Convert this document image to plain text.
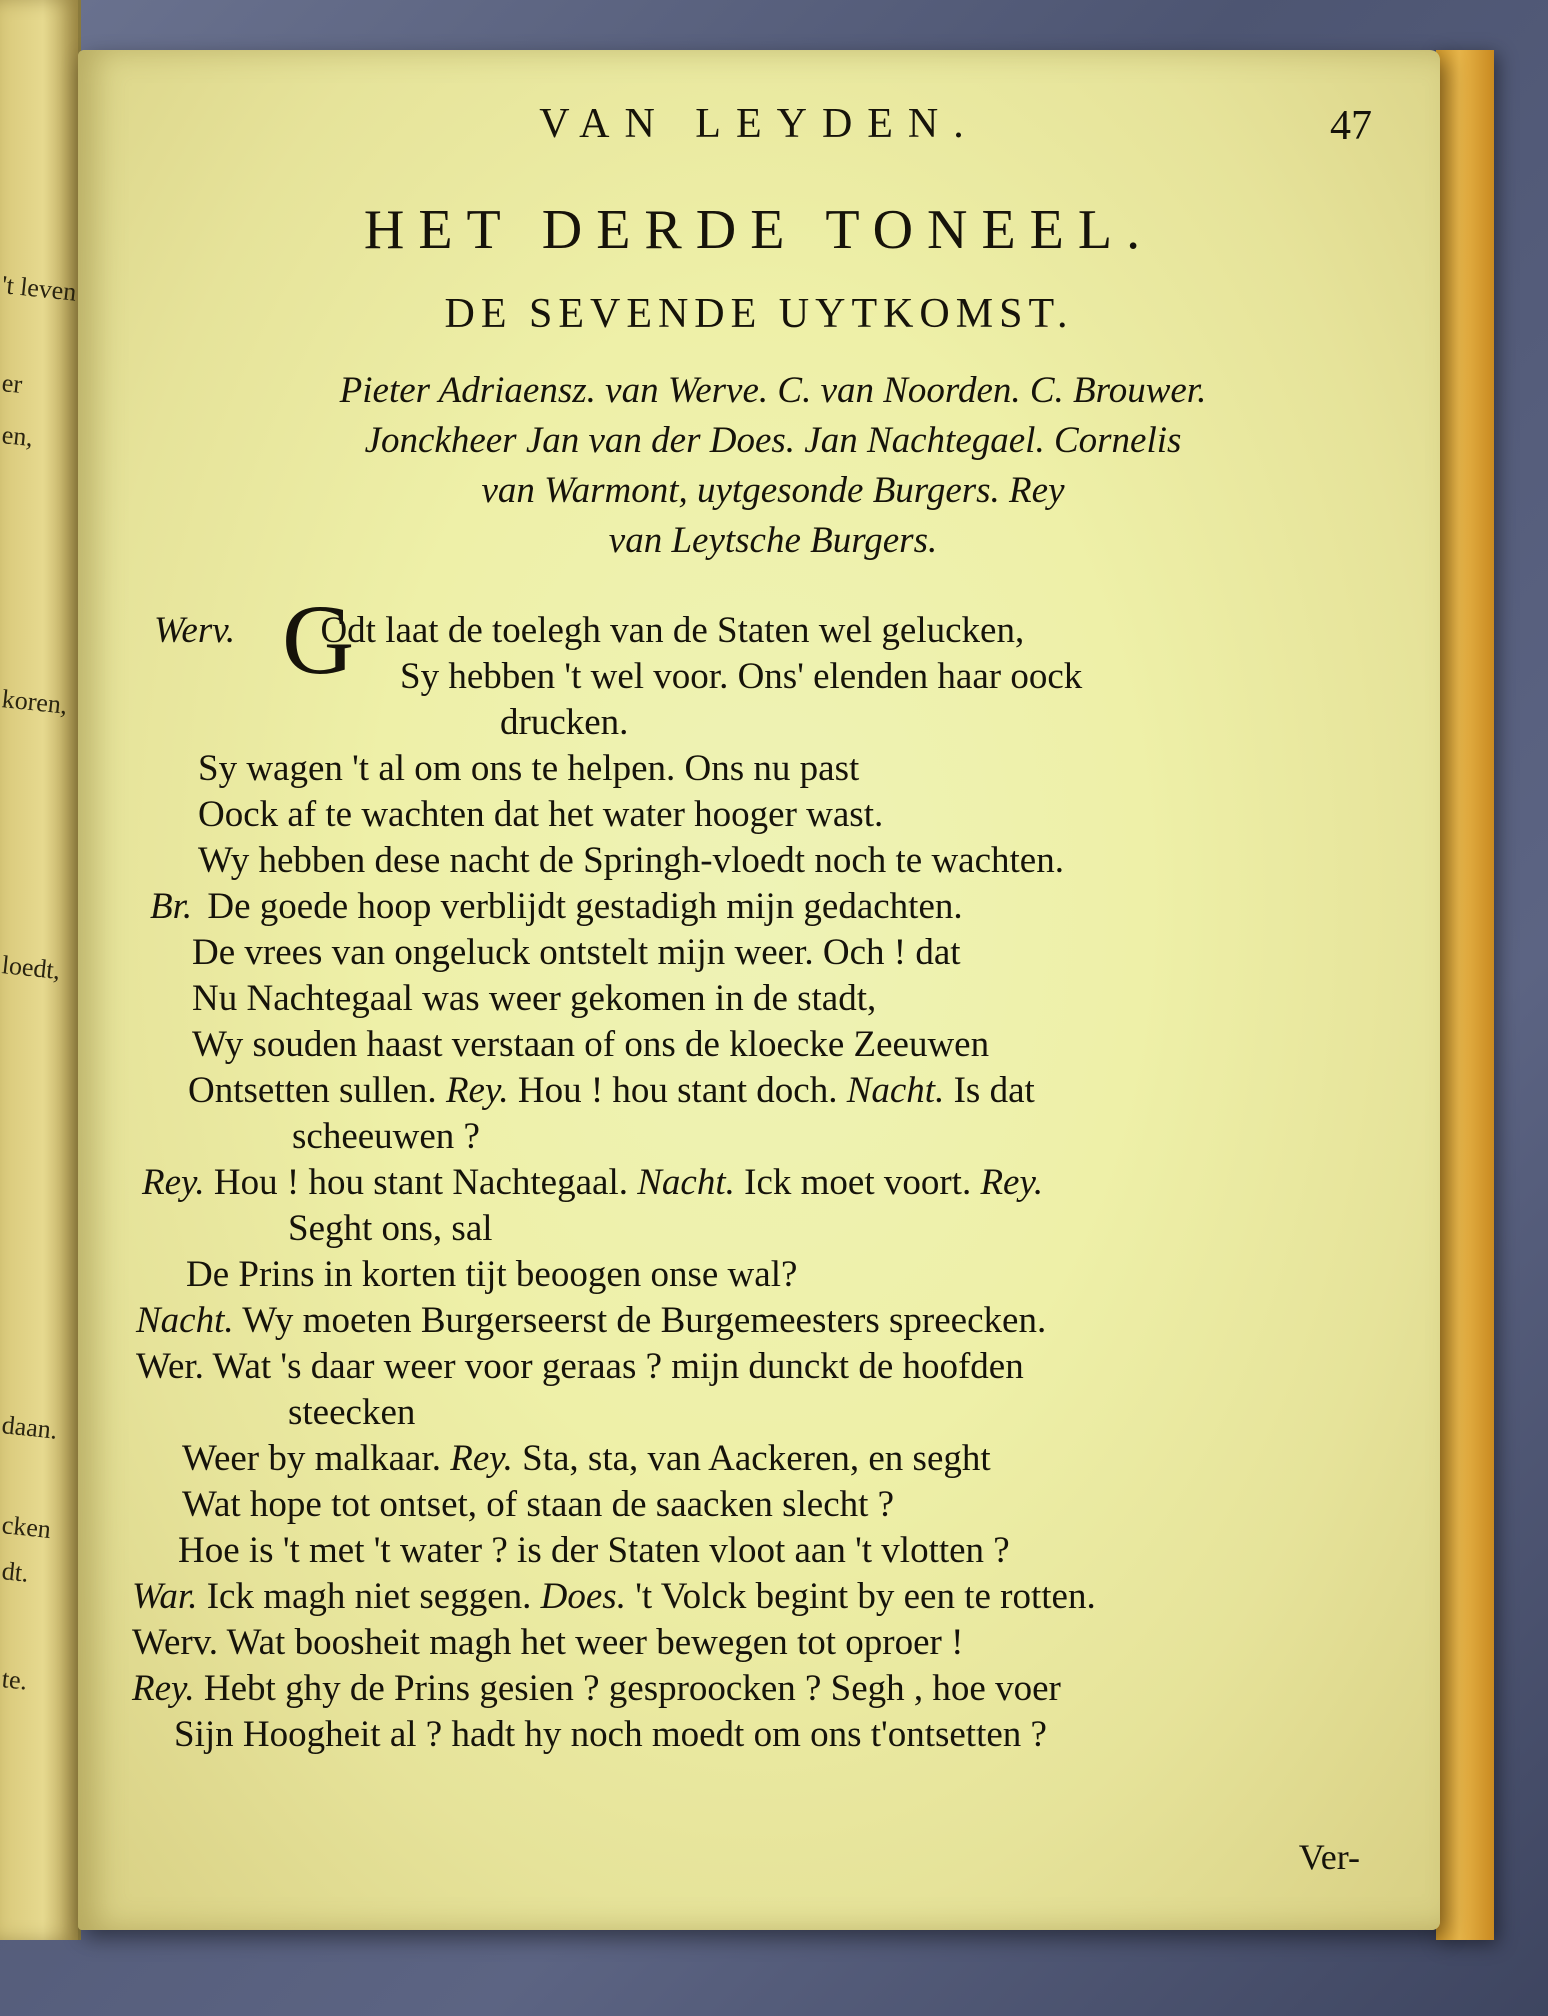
't leven
er
en,
koren,
loedt,
daan.
cken
dt.
te.
VAN LEYDEN.	47
HET DERDE TONEEL.
DE SEVENDE UYTKOMST.
Pieter Adriaensz. van Werve. C. van Noorden. C. Brouwer.
Jonckheer Jan van der Does. Jan Nachtegael. Cornelis
van Warmont, uytgesonde Burgers. Rey
van Leytsche Burgers.
G
Werv. Odt laat de toelegh van de Staten wel gelucken,
Sy hebben 't wel voor. Ons' elenden haar oock
drucken.
Sy wagen 't al om ons te helpen. Ons nu past
Oock af te wachten dat het water hooger wast.
Wy hebben dese nacht de Springh-vloedt noch te wachten.
Br. De goede hoop verblijdt gestadigh mijn gedachten.
De vrees van ongeluck ontstelt mijn weer. Och ! dat
Nu Nachtegaal was weer gekomen in de stadt,
Wy souden haast verstaan of ons de kloecke Zeeuwen
Ontsetten sullen. Rey. Hou ! hou stant doch. Nacht. Is dat
scheeuwen ?
Rey. Hou ! hou stant Nachtegaal. Nacht. Ick moet voort. Rey.
Seght ons, sal
De Prins in korten tijt beoogen onse wal?
Nacht. Wy moeten Burgerseerst de Burgemeesters spreecken.
Wer. Wat 's daar weer voor geraas ? mijn dunckt de hoofden
steecken
Weer by malkaar. Rey. Sta, sta, van Aackeren, en seght
Wat hope tot ontset, of staan de saacken slecht ?
Hoe is 't met 't water ? is der Staten vloot aan 't vlotten ?
War. Ick magh niet seggen. Does. 't Volck begint by een te rotten.
Werv. Wat boosheit magh het weer bewegen tot oproer !
Rey. Hebt ghy de Prins gesien ? gesproocken ? Segh , hoe voer
Sijn Hoogheit al ? hadt hy noch moedt om ons t'ontsetten ?
Ver-
